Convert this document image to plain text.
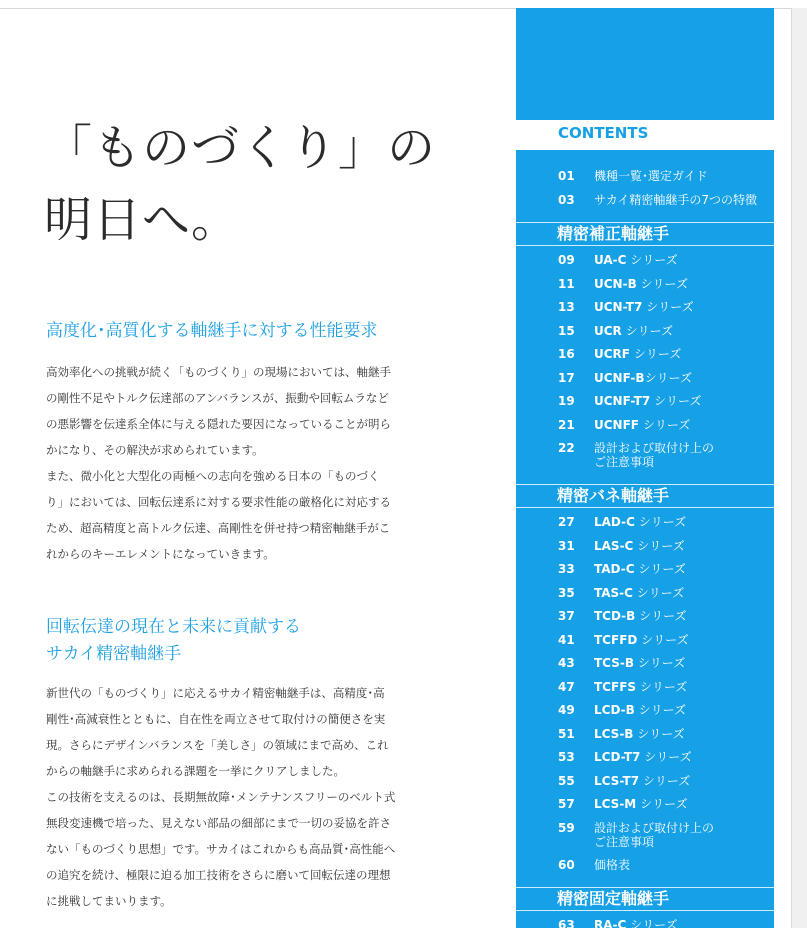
「ものづくり」の
明日へ。
高度化･高質化する軸継手に対する性能要求

高効率化への挑戦が続く「ものづくり」の現場においては、軸継手の剛性不足やトルク伝達部のアンバランスが、振動や回転ムラなどの悪影響を伝達系全体に与える隠れた要因になっていることが明らかになり、その解決が求められています。

また、微小化と大型化の両極への志向を強める日本の「ものづくり」においては、回転伝達系に対する要求性能の厳格化に対応するため、超高精度と高トルク伝達、高剛性を併せ持つ精密軸継手がこれからのキーエレメントになっていきます。

回転伝達の現在と未来に貢献する
サカイ精密軸継手

新世代の「ものづくり」に応えるサカイ精密軸継手は、高精度･高剛性･高減衰性とともに、自在性を両立させて取付けの簡便さを実現。さらにデザインバランスを「美しさ」の領域にまで高め、これからの軸継手に求められる課題を一挙にクリアしました。

この技術を支えるのは、長期無故障･メンテナンスフリーのベルト式無段変速機で培った、見えない部品の細部にまで一切の妥協を許さない「ものづくり思想」です。サカイはこれからも高品質･高性能への追究を続け、極限に迫る加工技術をさらに磨いて回転伝達の理想に挑戦してまいります。

CONTENTS
01 機種一覧･選定ガイド
03 サカイ精密軸継手の7つの特徴
精密補正軸継手
09 UA-C シリーズ
11 UCN-B シリーズ
13 UCN-T7 シリーズ
15 UCR シリーズ
16 UCRF シリーズ
17 UCNF-Bシリーズ
19 UCNF-T7 シリーズ
21 UCNFF シリーズ
22 設計および取付け上の
ご注意事項
精密バネ軸継手
27 LAD-C シリーズ
31 LAS-C シリーズ
33 TAD-C シリーズ
35 TAS-C シリーズ
37 TCD-B シリーズ
41 TCFFD シリーズ
43 TCS-B シリーズ
47 TCFFS シリーズ
49 LCD-B シリーズ
51 LCS-B シリーズ
53 LCD-T7 シリーズ
55 LCS-T7 シリーズ
57 LCS-M シリーズ
59 設計および取付け上の
ご注意事項
60 価格表
精密固定軸継手
63 RA-C シリーズ
